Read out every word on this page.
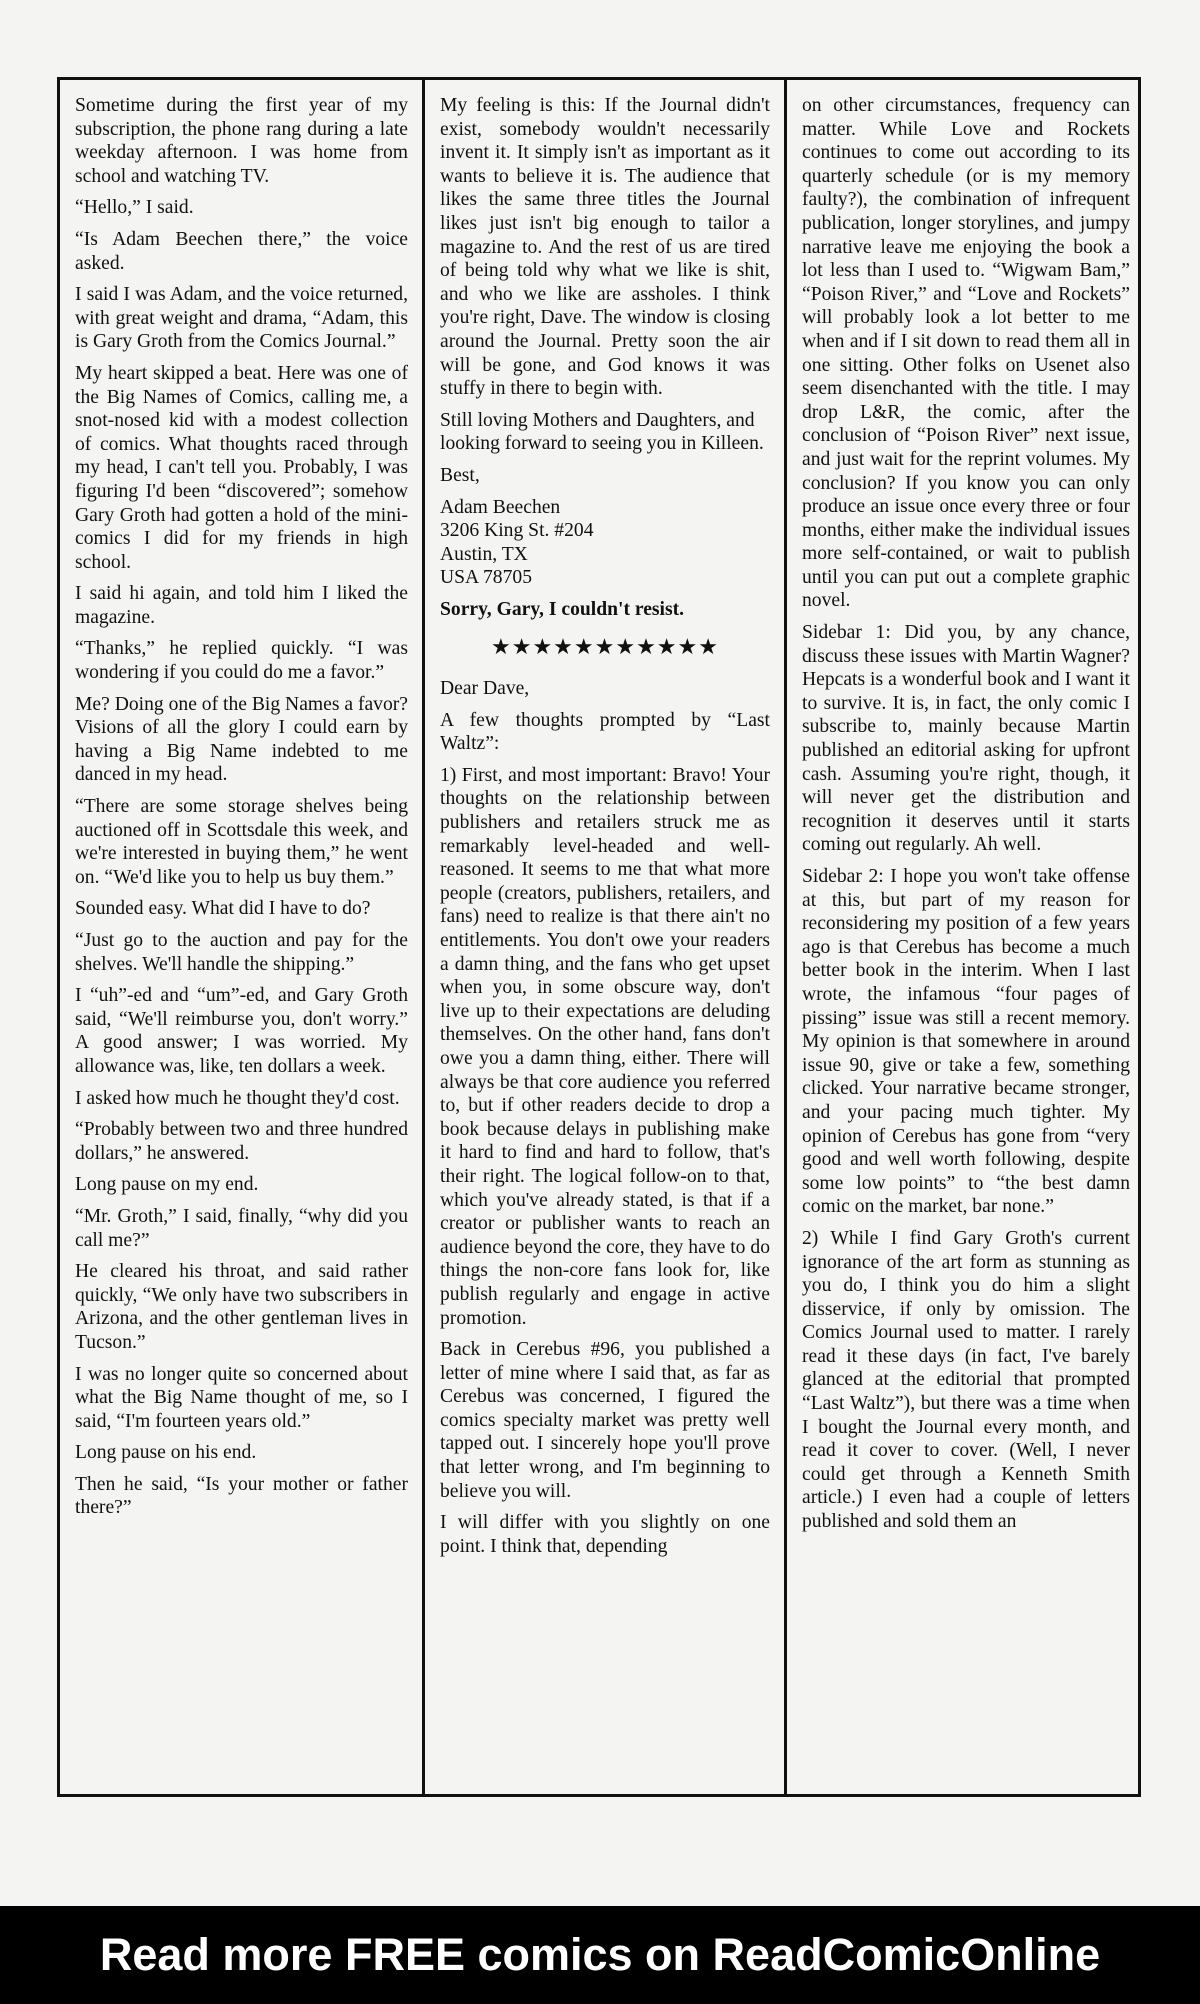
Sometime during the first year of my subscription, the phone rang during a late weekday afternoon. I was home from school and watching TV.

“Hello,” I said.

“Is Adam Beechen there,” the voice asked.

I said I was Adam, and the voice returned, with great weight and drama, “Adam, this is Gary Groth from the Comics Journal.”

My heart skipped a beat. Here was one of the Big Names of Comics, calling me, a snot-nosed kid with a modest collection of comics. What thoughts raced through my head, I can't tell you. Probably, I was figuring I'd been “discovered”; somehow Gary Groth had gotten a hold of the mini-comics I did for my friends in high school.

I said hi again, and told him I liked the magazine.

“Thanks,” he replied quickly. “I was wondering if you could do me a favor.”

Me? Doing one of the Big Names a favor? Visions of all the glory I could earn by having a Big Name indebted to me danced in my head.

“There are some storage shelves being auctioned off in Scottsdale this week, and we're interested in buying them,” he went on. “We'd like you to help us buy them.”

Sounded easy. What did I have to do?

“Just go to the auction and pay for the shelves. We'll handle the shipping.”

I “uh”-ed and “um”-ed, and Gary Groth said, “We'll reimburse you, don't worry.” A good answer; I was worried. My allowance was, like, ten dollars a week.

I asked how much he thought they'd cost.

“Probably between two and three hundred dollars,” he answered.

Long pause on my end.

“Mr. Groth,” I said, finally, “why did you call me?”

He cleared his throat, and said rather quickly, “We only have two subscribers in Arizona, and the other gentleman lives in Tucson.”

I was no longer quite so concerned about what the Big Name thought of me, so I said, “I'm fourteen years old.”

Long pause on his end.

Then he said, “Is your mother or father there?”

My feeling is this: If the Journal didn't exist, somebody wouldn't necessarily invent it. It simply isn't as important as it wants to believe it is. The audience that likes the same three titles the Journal likes just isn't big enough to tailor a magazine to. And the rest of us are tired of being told why what we like is shit, and who we like are assholes. I think you're right, Dave. The window is closing around the Journal. Pretty soon the air will be gone, and God knows it was stuffy in there to begin with.

Still loving Mothers and Daughters, and looking forward to seeing you in Killeen.

Best,

Adam Beechen

3206 King St. #204

Austin, TX

USA 78705

Sorry, Gary, I couldn't resist.

★★★★★★★★★★★

Dear Dave,

A few thoughts prompted by “Last Waltz”:

1) First, and most important: Bravo! Your thoughts on the relationship between publishers and retailers struck me as remarkably level-headed and well-reasoned. It seems to me that what more people (creators, publishers, retailers, and fans) need to realize is that there ain't no entitlements. You don't owe your readers a damn thing, and the fans who get upset when you, in some obscure way, don't live up to their expectations are deluding themselves. On the other hand, fans don't owe you a damn thing, either. There will always be that core audience you referred to, but if other readers decide to drop a book because delays in publishing make it hard to find and hard to follow, that's their right. The logical follow-on to that, which you've already stated, is that if a creator or publisher wants to reach an audience beyond the core, they have to do things the non-core fans look for, like publish regularly and engage in active promotion.

Back in Cerebus #96, you published a letter of mine where I said that, as far as Cerebus was concerned, I figured the comics specialty market was pretty well tapped out. I sincerely hope you'll prove that letter wrong, and I'm beginning to believe you will.

I will differ with you slightly on one point. I think that, depending

on other circumstances, frequency can matter. While Love and Rockets continues to come out according to its quarterly schedule (or is my memory faulty?), the combination of infrequent publication, longer storylines, and jumpy narrative leave me enjoying the book a lot less than I used to. “Wigwam Bam,” “Poison River,” and “Love and Rockets” will probably look a lot better to me when and if I sit down to read them all in one sitting. Other folks on Usenet also seem disenchanted with the title. I may drop L&R, the comic, after the conclusion of “Poison River” next issue, and just wait for the reprint volumes. My conclusion? If you know you can only produce an issue once every three or four months, either make the individual issues more self-contained, or wait to publish until you can put out a complete graphic novel.

Sidebar 1: Did you, by any chance, discuss these issues with Martin Wagner? Hepcats is a wonderful book and I want it to survive. It is, in fact, the only comic I subscribe to, mainly because Martin published an editorial asking for upfront cash. Assuming you're right, though, it will never get the distribution and recognition it deserves until it starts coming out regularly. Ah well.

Sidebar 2: I hope you won't take offense at this, but part of my reason for reconsidering my position of a few years ago is that Cerebus has become a much better book in the interim. When I last wrote, the infamous “four pages of pissing” issue was still a recent memory. My opinion is that somewhere in around issue 90, give or take a few, something clicked. Your narrative became stronger, and your pacing much tighter. My opinion of Cerebus has gone from “very good and well worth following, despite some low points” to “the best damn comic on the market, bar none.”

2) While I find Gary Groth's current ignorance of the art form as stunning as you do, I think you do him a slight disservice, if only by omission. The Comics Journal used to matter. I rarely read it these days (in fact, I've barely glanced at the editorial that prompted “Last Waltz”), but there was a time when I bought the Journal every month, and read it cover to cover. (Well, I never could get through a Kenneth Smith article.) I even had a couple of letters published and sold them an

Read more FREE comics on ReadComicOnline
